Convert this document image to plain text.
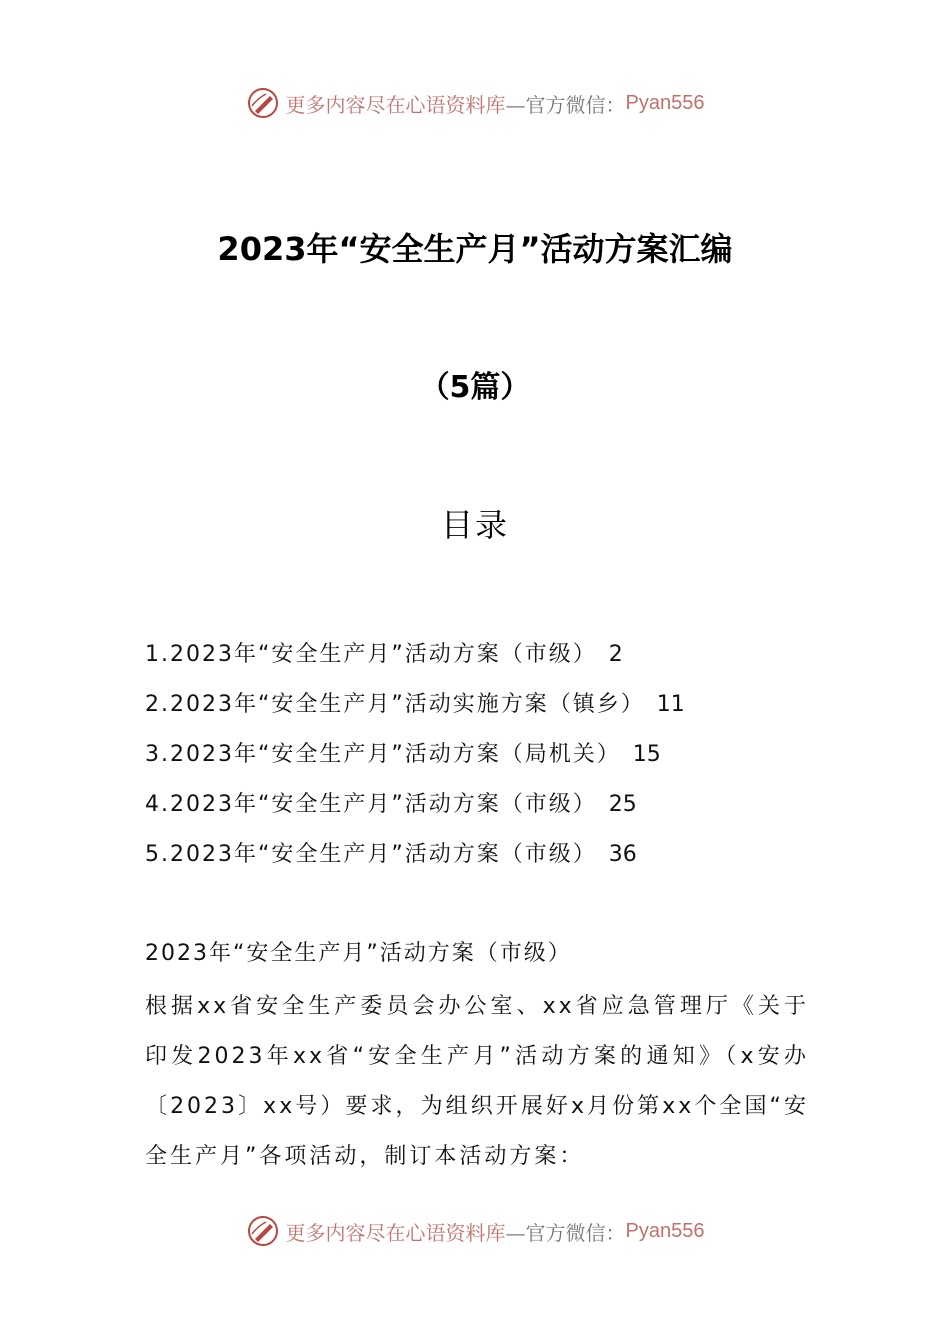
更多内容尽在心语资料库 —官方微信： Pyan556
2023年“安全生产月”活动方案汇编
（5篇）
目录
1.2023年“安全生产月”活动方案（市级） 2
2.2023年“安全生产月”活动实施方案（镇乡） 11
3.2023年“安全生产月”活动方案（局机关） 15
4.2023年“安全生产月”活动方案（市级） 25
5.2023年“安全生产月”活动方案（市级） 36
2023年“安全生产月”活动方案（市级）

根据xx省安全生产委员会办公室、xx省应急管理厅《关于印发2023年xx省“安全生产月”活动方案的通知》（x安办〔2023〕xx号）要求，为组织开展好x月份第xx个全国“安全生产月”各项活动，制订本活动方案：

更多内容尽在心语资料库 —官方微信： Pyan556
